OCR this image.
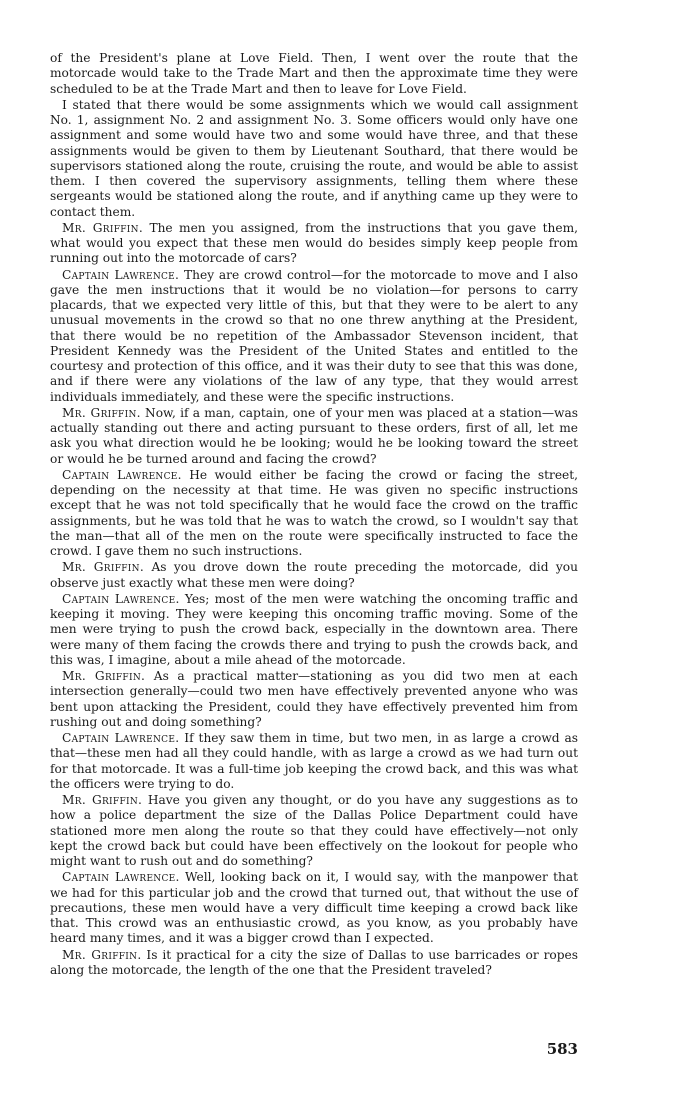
of the President's plane at Love Field. Then, I went over the route that the motorcade would take to the Trade Mart and then the approximate time they were scheduled to be at the Trade Mart and then to leave for Love Field.

I stated that there would be some assignments which we would call assignment No. 1, assignment No. 2 and assignment No. 3. Some officers would only have one assignment and some would have two and some would have three, and that these assignments would be given to them by Lieutenant Southard, that there would be supervisors stationed along the route, cruising the route, and would be able to assist them. I then covered the supervisory assignments, telling them where these sergeants would be stationed along the route, and if anything came up they were to contact them.

Mr. Griffin. The men you assigned, from the instructions that you gave them, what would you expect that these men would do besides simply keep people from running out into the motorcade of cars?

Captain Lawrence. They are crowd control—for the motorcade to move and I also gave the men instructions that it would be no violation—for persons to carry placards, that we expected very little of this, but that they were to be alert to any unusual movements in the crowd so that no one threw anything at the President, that there would be no repetition of the Ambassador Stevenson incident, that President Kennedy was the President of the United States and entitled to the courtesy and protection of this office, and it was their duty to see that this was done, and if there were any violations of the law of any type, that they would arrest individuals immediately, and these were the specific instructions.

Mr. Griffin. Now, if a man, captain, one of your men was placed at a station—was actually standing out there and acting pursuant to these orders, first of all, let me ask you what direction would he be looking; would he be looking toward the street or would he be turned around and facing the crowd?

Captain Lawrence. He would either be facing the crowd or facing the street, depending on the necessity at that time. He was given no specific instructions except that he was not told specifically that he would face the crowd on the traffic assignments, but he was told that he was to watch the crowd, so I wouldn't say that the man—that all of the men on the route were specifically instructed to face the crowd. I gave them no such instructions.

Mr. Griffin. As you drove down the route preceding the motorcade, did you observe just exactly what these men were doing?

Captain Lawrence. Yes; most of the men were watching the oncoming traffic and keeping it moving. They were keeping this oncoming traffic moving. Some of the men were trying to push the crowd back, especially in the downtown area. There were many of them facing the crowds there and trying to push the crowds back, and this was, I imagine, about a mile ahead of the motorcade.

Mr. Griffin. As a practical matter—stationing as you did two men at each intersection generally—could two men have effectively prevented anyone who was bent upon attacking the President, could they have effectively prevented him from rushing out and doing something?

Captain Lawrence. If they saw them in time, but two men, in as large a crowd as that—these men had all they could handle, with as large a crowd as we had turn out for that motorcade. It was a full-time job keeping the crowd back, and this was what the officers were trying to do.

Mr. Griffin. Have you given any thought, or do you have any suggestions as to how a police department the size of the Dallas Police Department could have stationed more men along the route so that they could have effectively—not only kept the crowd back but could have been effectively on the lookout for people who might want to rush out and do something?

Captain Lawrence. Well, looking back on it, I would say, with the manpower that we had for this particular job and the crowd that turned out, that without the use of precautions, these men would have a very difficult time keeping a crowd back like that. This crowd was an enthusiastic crowd, as you know, as you probably have heard many times, and it was a bigger crowd than I expected.

Mr. Griffin. Is it practical for a city the size of Dallas to use barricades or ropes along the motorcade, the length of the one that the President traveled?

583
